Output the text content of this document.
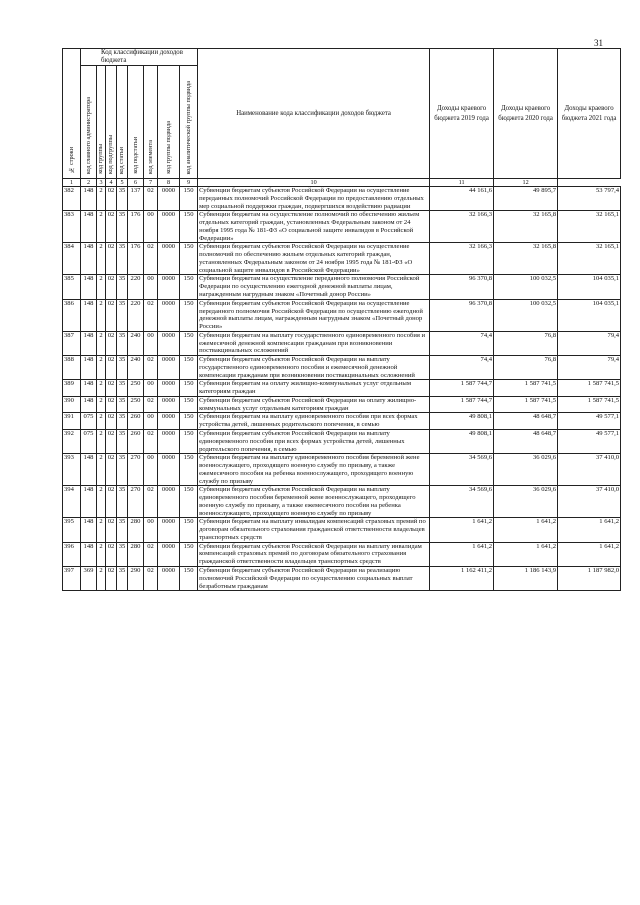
31
№ строки	Код классификации доходов бюджета								Наименование кода классификации доходов бюджета	Доходы краевого бюджета 2019 года	Доходы краевого бюджета 2020 года	Доходы краевого бюджета 2021 года

	код главного администратора	код группы	код подгруппы	код статьи	код подстатьи	код элемента	код группы подвида	код аналитической группы подвида				

1	2	3	4	5	6	7	8	9	10	11	12	
382	148	2	02	35	137	02	0000	150	Субвенции бюджетам субъектов Российской Федерации на осуществление переданных полномочий Российской Федерации по предоставлению отдельных мер социальной поддержки граждан, подвергшихся воздействию радиации	44 161,6	49 895,7	53 797,4
383	148	2	02	35	176	00	0000	150	Субвенции бюджетам на осуществление полномочий по обеспечению жильем отдельных категорий граждан, установленных Федеральным законом от 24 ноября 1995 года № 181-ФЗ «О социальной защите инвалидов в Российской Федерации»	32 166,3	32 165,8	32 165,1
384	148	2	02	35	176	02	0000	150	Субвенции бюджетам субъектов Российской Федерации на осуществление полномочий по обеспечению жильем отдельных категорий граждан, установленных Федеральным законом от 24 ноября 1995 года № 181-ФЗ «О социальной защите инвалидов в Российской Федерации»	32 166,3	32 165,8	32 165,1
385	148	2	02	35	220	00	0000	150	Субвенции бюджетам на осуществление переданного полномочия Российской Федерации по осуществлению ежегодной денежной выплаты лицам, награжденным нагрудным знаком «Почетный донор России»	96 370,8	100 032,5	104 035,1
386	148	2	02	35	220	02	0000	150	Субвенции бюджетам субъектов Российской Федерации на осуществление переданного полномочия Российской Федерации по осуществлению ежегодной денежной выплаты лицам, награжденным нагрудным знаком «Почетный донор России»	96 370,8	100 032,5	104 035,1
387	148	2	02	35	240	00	0000	150	Субвенции бюджетам на выплату государственного единовременного пособия и ежемесячной денежной компенсации гражданам при возникновении поствакцинальных осложнений	74,4	76,8	79,4
388	148	2	02	35	240	02	0000	150	Субвенции бюджетам субъектов Российской Федерации на выплату государственного единовременного пособия и ежемесячной денежной компенсации гражданам при возникновении поствакцинальных осложнений	74,4	76,8	79,4
389	148	2	02	35	250	00	0000	150	Субвенции бюджетам на оплату жилищно-коммунальных услуг отдельным категориям граждан	1 587 744,7	1 587 741,5	1 587 741,5
390	148	2	02	35	250	02	0000	150	Субвенции бюджетам субъектов Российской Федерации на оплату жилищно-коммунальных услуг отдельным категориям граждан	1 587 744,7	1 587 741,5	1 587 741,5
391	075	2	02	35	260	00	0000	150	Субвенции бюджетам на выплату единовременного пособия при всех формах устройства детей, лишенных родительского попечения, в семью	49 808,1	48 648,7	49 577,1
392	075	2	02	35	260	02	0000	150	Субвенции бюджетам субъектов Российской Федерации на выплату единовременного пособия при всех формах устройства детей, лишенных родительского попечения, в семью	49 808,1	48 648,7	49 577,1
393	148	2	02	35	270	00	0000	150	Субвенции бюджетам на выплату единовременного пособия беременной жене военнослужащего, проходящего военную службу по призыву, а также ежемесячного пособия на ребенка военнослужащего, проходящего военную службу по призыву	34 569,6	36 029,6	37 410,0
394	148	2	02	35	270	02	0000	150	Субвенции бюджетам субъектов Российской Федерации на выплату единовременного пособия беременной жене военнослужащего, проходящего военную службу по призыву, а также ежемесячного пособия на ребенка военнослужащего, проходящего военную службу по призыву	34 569,6	36 029,6	37 410,0
395	148	2	02	35	280	00	0000	150	Субвенции бюджетам на выплату инвалидам компенсаций страховых премий по договорам обязательного страхования гражданской ответственности владельцев транспортных средств	1 641,2	1 641,2	1 641,2
396	148	2	02	35	280	02	0000	150	Субвенции бюджетам субъектов Российской Федерации на выплату инвалидам компенсаций страховых премий по договорам обязательного страхования гражданской ответственности владельцев транспортных средств	1 641,2	1 641,2	1 641,2
397	369	2	02	35	290	02	0000	150	Субвенции бюджетам субъектов Российской Федерации на реализацию полномочий Российской Федерации по осуществлению социальных выплат безработным гражданам	1 162 411,2	1 186 143,9	1 187 982,0
